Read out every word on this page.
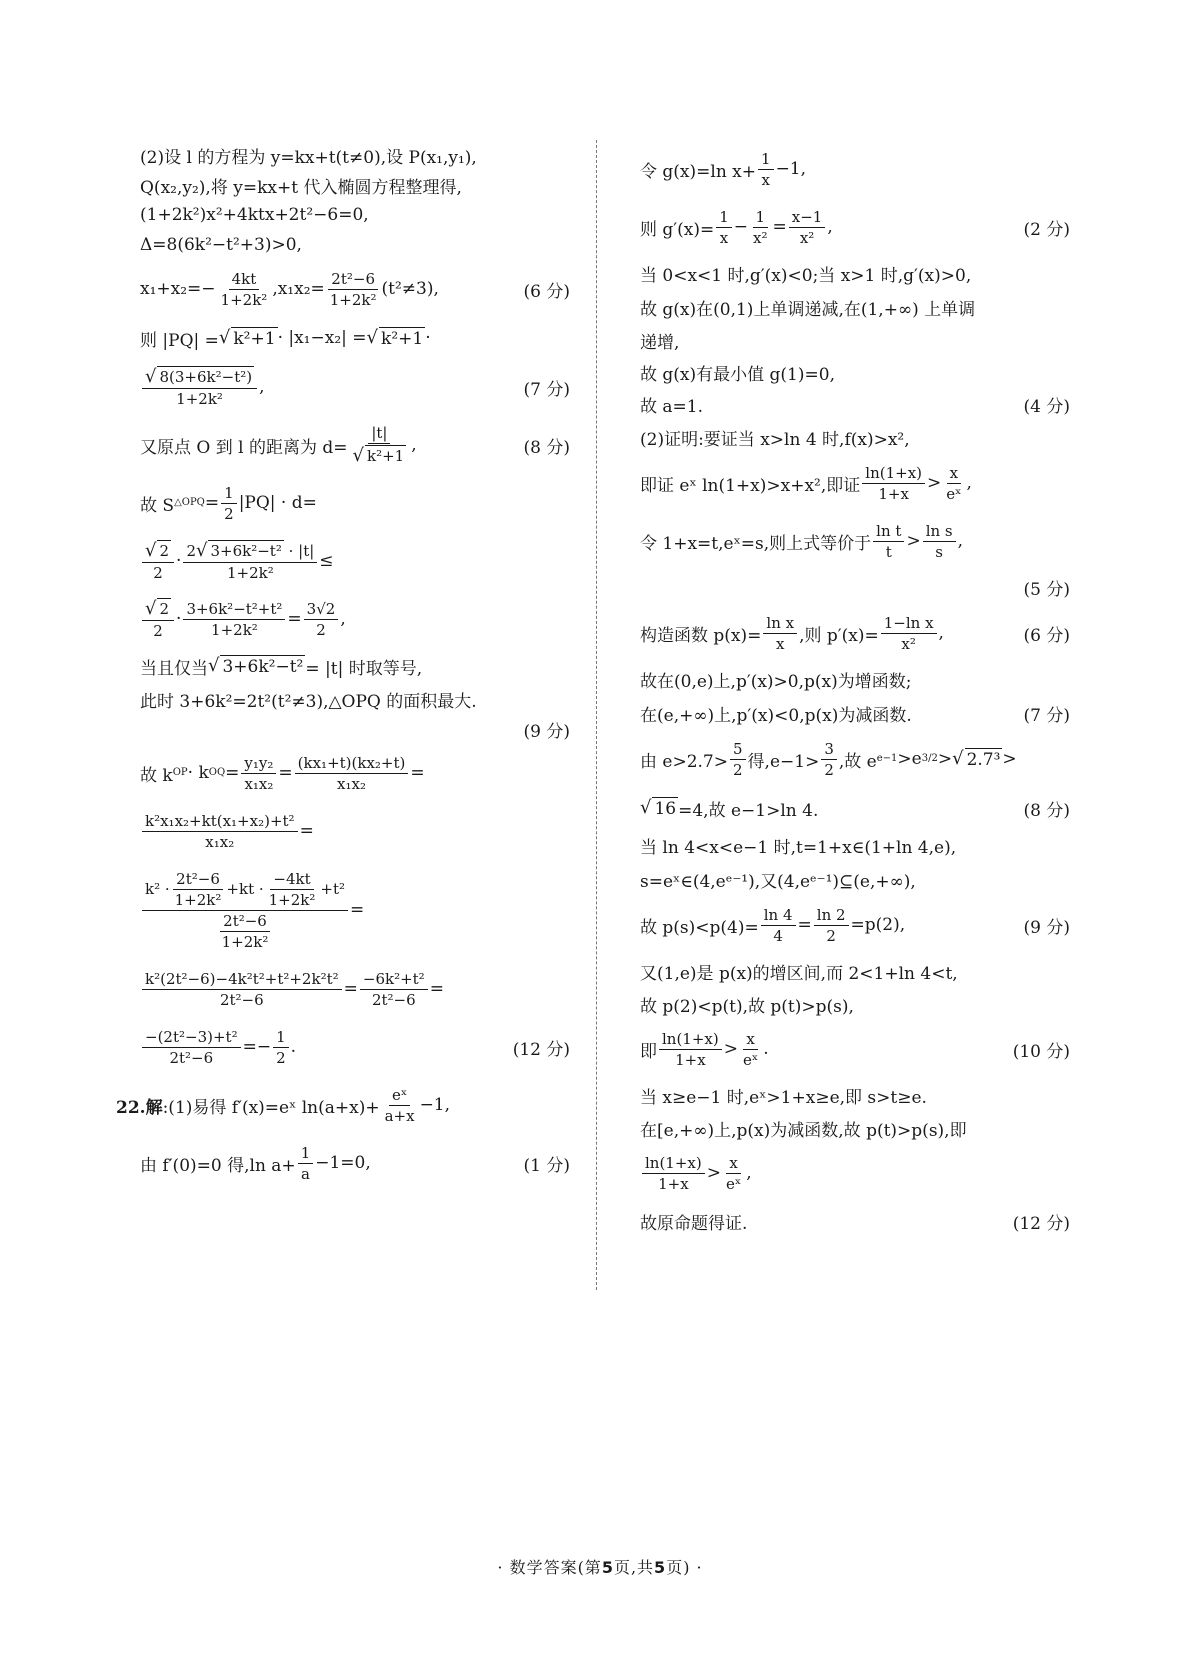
(2)设 l 的方程为 y=kx+t(t≠0),设 P(x₁,y₁),
Q(x₂,y₂),将 y=kx+t 代入椭圆方程整理得,
(1+2k²)x²+4ktx+2t²−6=0,
Δ=8(6k²−t²+3)>0,
$x_1+x_2=- \frac{4kt}{\text{1+2k²}} ,x_1x_2= \frac{\text{2t²−6}}{\text{1+2k²}} (t^2\ne 3)$,	(6 分)
则 |PQ| = √ k²+1 · |x₁−x₂| = √ k²+1 ·
$\frac{\text{√ 8(3+6k²−t²)}}{\text{1+2k²}}$ ,	(7 分)
又原点 O 到 l 的距离为 $d= \frac{|t|}{\text{√ k²+1}}$ ,	(8 分)
故 S △OPQ = $\frac{1}{2} |PQ| \cdot d=$
$\frac{√ 2}{2} \cdot \frac{\text{2 √ 3+6k²−t² · |t|}}{\text{1+2k²}}$ ≤
$\frac{√ 2}{2} \cdot \frac{\text{3+6k²−t²+t²}}{\text{1+2k²}} = \frac{3√2}{2}$ ,
当且仅当 √ 3+6k²−t² = |t| 时取等号,
此时 3+6k²=2t²(t²≠3),△OPQ 的面积最大.
(9 分)
故 k OP · k OQ = $\frac{\text{y₁y₂}}{\text{x₁x₂}} = \frac{\text{(kx₁+t)(kx₂+t)}}{\text{x₁x₂}}$ =
$\frac{\text{k²x₁x₂+kt(x₁+x₂)+t²}}{\text{x₁x₂}}$ =
$k^2 \cdot \frac{\text{2t²−6}}{\text{1+2k²}} +kt \cdot \frac{-4kt}{\text{1+2k²}} +t^2$
$\frac{\text{2t²−6}}{\text{1+2k²}}$
=
$\frac{\text{k²(2t²−6)−4k²t²+t²+2k²t²}}{\text{2t²−6}} = \frac{\text{−6k²+t²}}{\text{2t²−6}}$ =
$\frac{\text{−(2t²−3)+t²}}{\text{2t²−6}} =- \frac{1}{2}$ .	(12 分)
22.解 :(1)易得 f′(x)=eˣ $\ln(a+x)+ \frac{\text{eˣ}}{a+x} -1$,
由 f′(0)=0 得,ln $a+ \frac{1}{a} -1=0$,	(1 分)
令 g(x)=ln $x+ \frac{1}{x} -1$,
则 $g'(x)= \frac{1}{x} - \frac{1}{\text{x²}} = \frac{x-1}{\text{x²}}$ ,	(2 分)
当 0<x<1 时,g′(x)<0;当 x>1 时,g′(x)>0,
故 g(x)在(0,1)上单调递减,在(1,+∞) 上单调
递增,
故 g(x)有最小值 g(1)=0,
故 a=1.	(4 分)
(2)证明:要证当 x>ln 4 时,f(x)>x²,
即证 eˣ ln(1+x)>x+x²,即证 $\frac{\ln(1+x)}{1+x} > \frac{x}{\text{eˣ}}$ ,
令 1+x=t,eˣ=s,则上式等价于 $\frac{\text{ln t}}{t} > \frac{\text{ln s}}{s}$ ,
(5 分)
构造函数 $p(x)= \frac{\text{ln x}}{x}$ ,则 $p'(x)= \frac{\text{1−ln x}}{\text{x²}}$ ,	(6 分)
故在(0,e)上,p′(x)>0,p(x)为增函数;
在(e,+∞)上,p′(x)<0,p(x)为减函数.	(7 分)
由 $e>2.7> \frac{5}{2}$ 得$,e-1> \frac{3}{2}$ ,故 e e−1 >e 3/2 > √ 2.7³ >
√ 16 =4,故 e−1>ln 4.	(8 分)
当 ln 4<x<e−1 时,t=1+x∈(1+ln 4,e),
s=eˣ∈(4,eᵉ⁻¹),又(4,eᵉ⁻¹)⊆(e,+∞),
故 $p(s)<p(4)= \frac{\ln 4}{4} = \frac{\ln 2}{2} =p(2)$,	(9 分)
又(1,e)是 p(x)的增区间,而 2<1+ln 4<t,
故 p(2)<p(t),故 p(t)>p(s),
即 $\frac{\ln(1+x)}{1+x} > \frac{x}{\text{eˣ}}$ .	(10 分)
当 x≥e−1 时,eˣ>1+x≥e,即 s>t≥e.
在[e,+∞)上,p(x)为减函数,故 p(t)>p(s),即
$\frac{\ln(1+x)}{1+x} > \frac{x}{\text{eˣ}}$ ,
故原命题得证.	(12 分)
· 数学答案(第5页,共5页) ·
